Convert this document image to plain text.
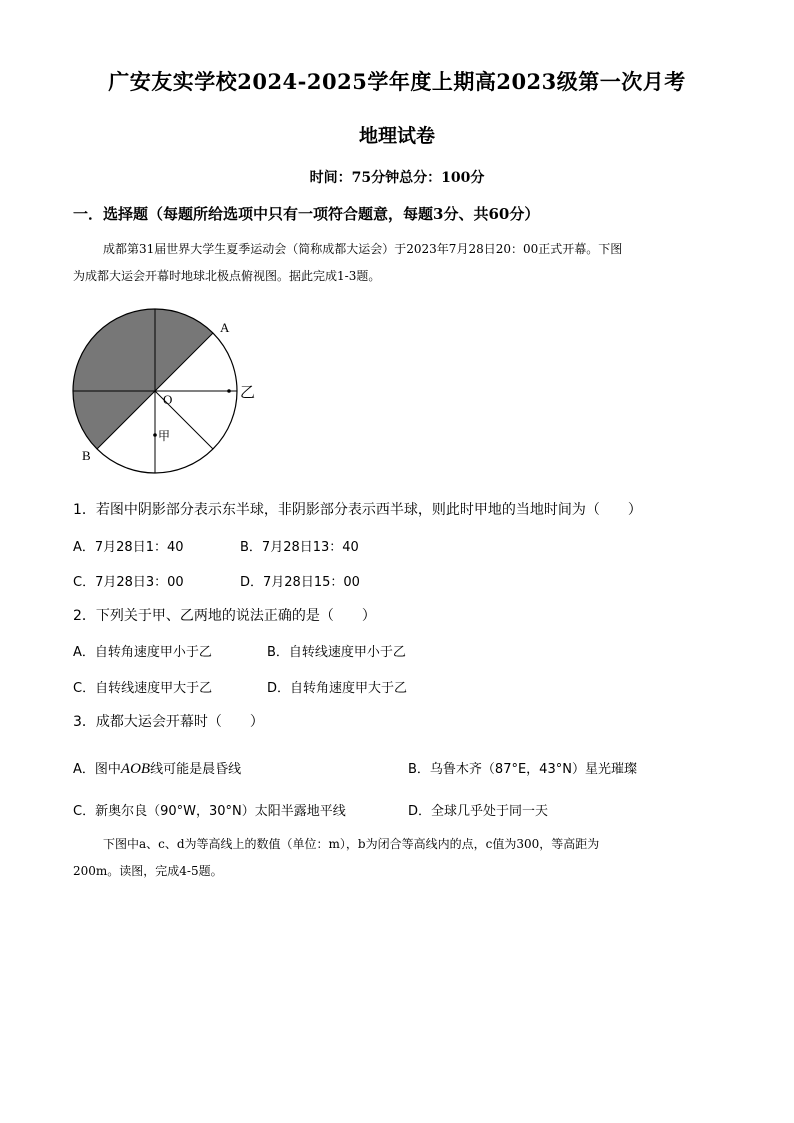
广安友实学校2024-2025学年度上期高2023级第一次月考
地理试卷
时间：75分钟总分：100分
一．选择题（每题所给选项中只有一项符合题意，每题3分、共60分）
成都第31届世界大学生夏季运动会（简称成都大运会）于2023年7月28日20：00正式开幕。下图
为成都大运会开幕时地球北极点俯视图。据此完成1-3题。
A
B
O	乙
甲
1．若图中阴影部分表示东半球，非阴影部分表示西半球，则此时甲地的当地时间为（　　）
A．7月28日1：40	B．7月28日13：40
C．7月28日3：00	D．7月28日15：00
2．下列关于甲、乙两地的说法正确的是（　　）
A．自转角速度甲小于乙	B．自转线速度甲小于乙
C．自转线速度甲大于乙	D．自转角速度甲大于乙
3．成都大运会开幕时（　　）
A．图中AOB线可能是晨昏线	B．乌鲁木齐（87°E，43°N）星光璀璨
C．新奥尔良（90°W，30°N）太阳半露地平线	D．全球几乎处于同一天
下图中a、c、d为等高线上的数值（单位：m），b为闭合等高线内的点，c值为300，等高距为
200m。读图，完成4-5题。
